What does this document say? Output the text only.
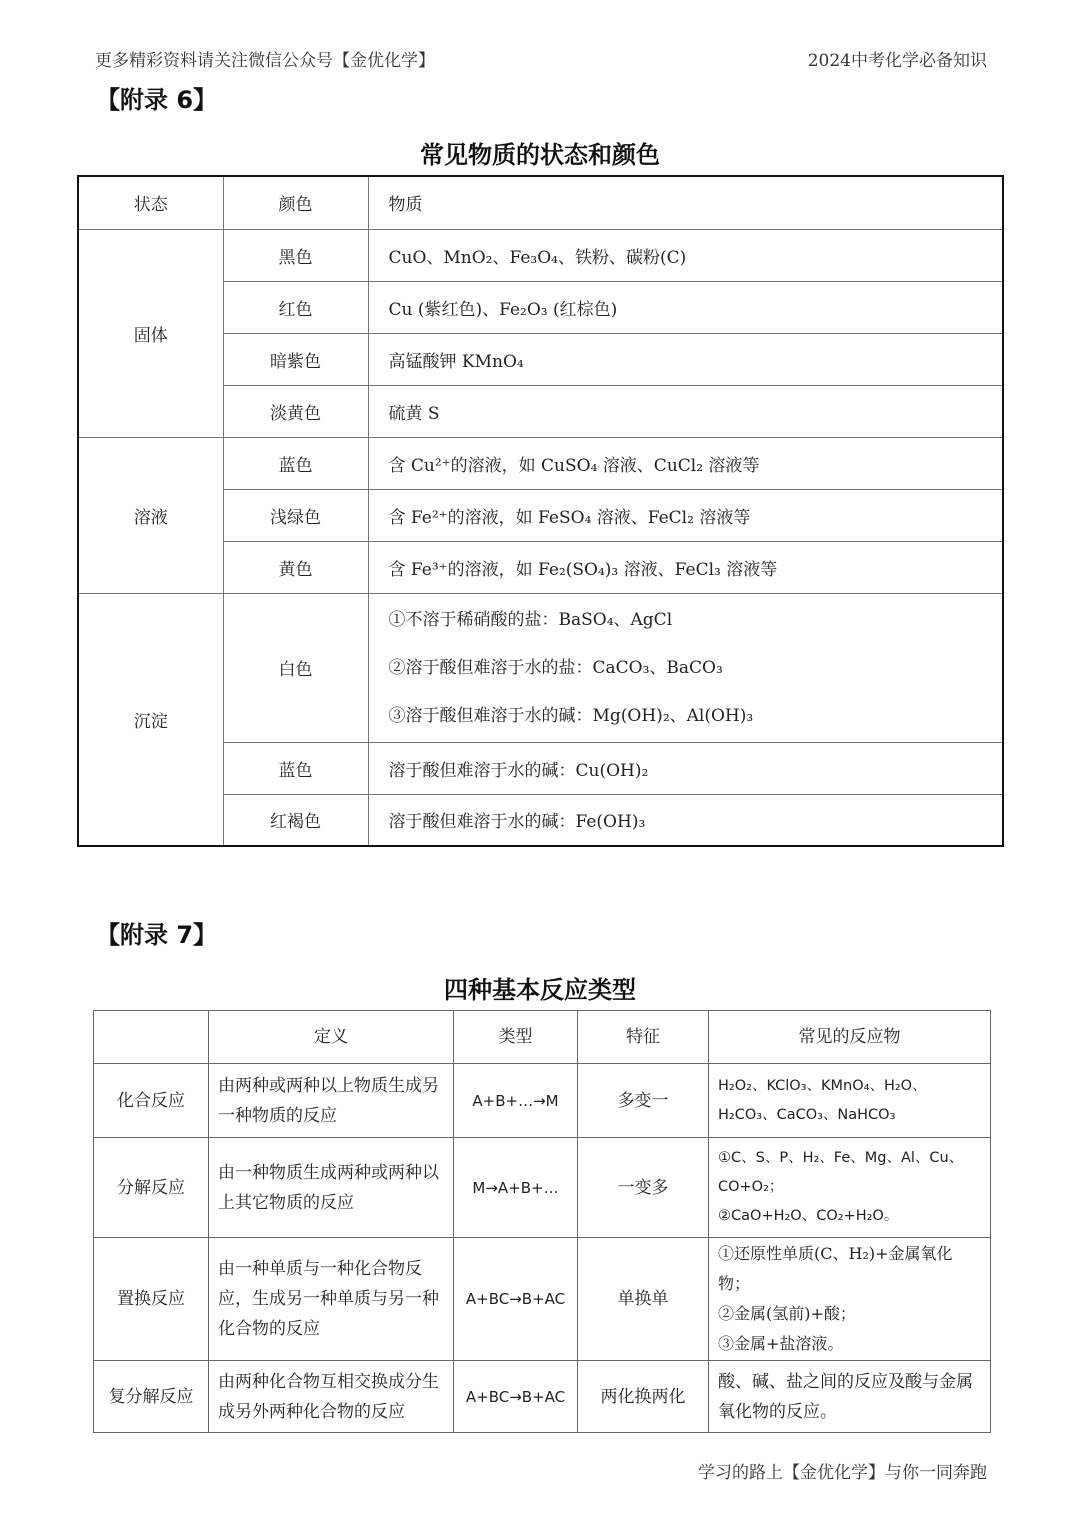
更多精彩资料请关注微信公众号【金优化学】	2024中考化学必备知识
【附录 6】
常见物质的状态和颜色
状态	颜色	物质
固体	黑色	CuO、MnO₂、Fe₃O₄、铁粉、碳粉(C)
	红色	Cu (紫红色)、Fe₂O₃ (红棕色)
	暗紫色	高锰酸钾 KMnO₄
	淡黄色	硫黄 S
溶液	蓝色	含 Cu²⁺的溶液，如 CuSO₄ 溶液、CuCl₂ 溶液等
	浅绿色	含 Fe²⁺的溶液，如 FeSO₄ 溶液、FeCl₂ 溶液等
	黄色	含 Fe³⁺的溶液，如 Fe₂(SO₄)₃ 溶液、FeCl₃ 溶液等
沉淀	白色	①不溶于稀硝酸的盐：BaSO₄、AgCl
②溶于酸但难溶于水的盐：CaCO₃、BaCO₃
③溶于酸但难溶于水的碱：Mg(OH)₂、Al(OH)₃

	蓝色	溶于酸但难溶于水的碱：Cu(OH)₂
	红褐色	溶于酸但难溶于水的碱：Fe(OH)₃
【附录 7】
四种基本反应类型
	定义	类型	特征	常见的反应物
化合反应	由两种或两种以上物质生成另一种物质的反应	A+B+…→M	多变一	H₂O₂、KClO₃、KMnO₄、H₂O、H₂CO₃、CaCO₃、NaHCO₃

分解反应	由一种物质生成两种或两种以上其它物质的反应	M→A+B+…	一变多	①C、S、P、H₂、Fe、Mg、Al、Cu、CO+O₂；
②CaO+H₂O、CO₂+H₂O。

置换反应	由一种单质与一种化合物反应，生成另一种单质与另一种化合物的反应	A+BC→B+AC	单换单	①还原性单质(C、H₂)+金属氧化物；
②金属(氢前)+酸；
③金属+盐溶液。

复分解反应	由两种化合物互相交换成分生成另外两种化合物的反应	A+BC→B+AC	两化换两化	酸、碱、盐之间的反应及酸与金属氧化物的反应。
学习的路上【金优化学】与你一同奔跑
